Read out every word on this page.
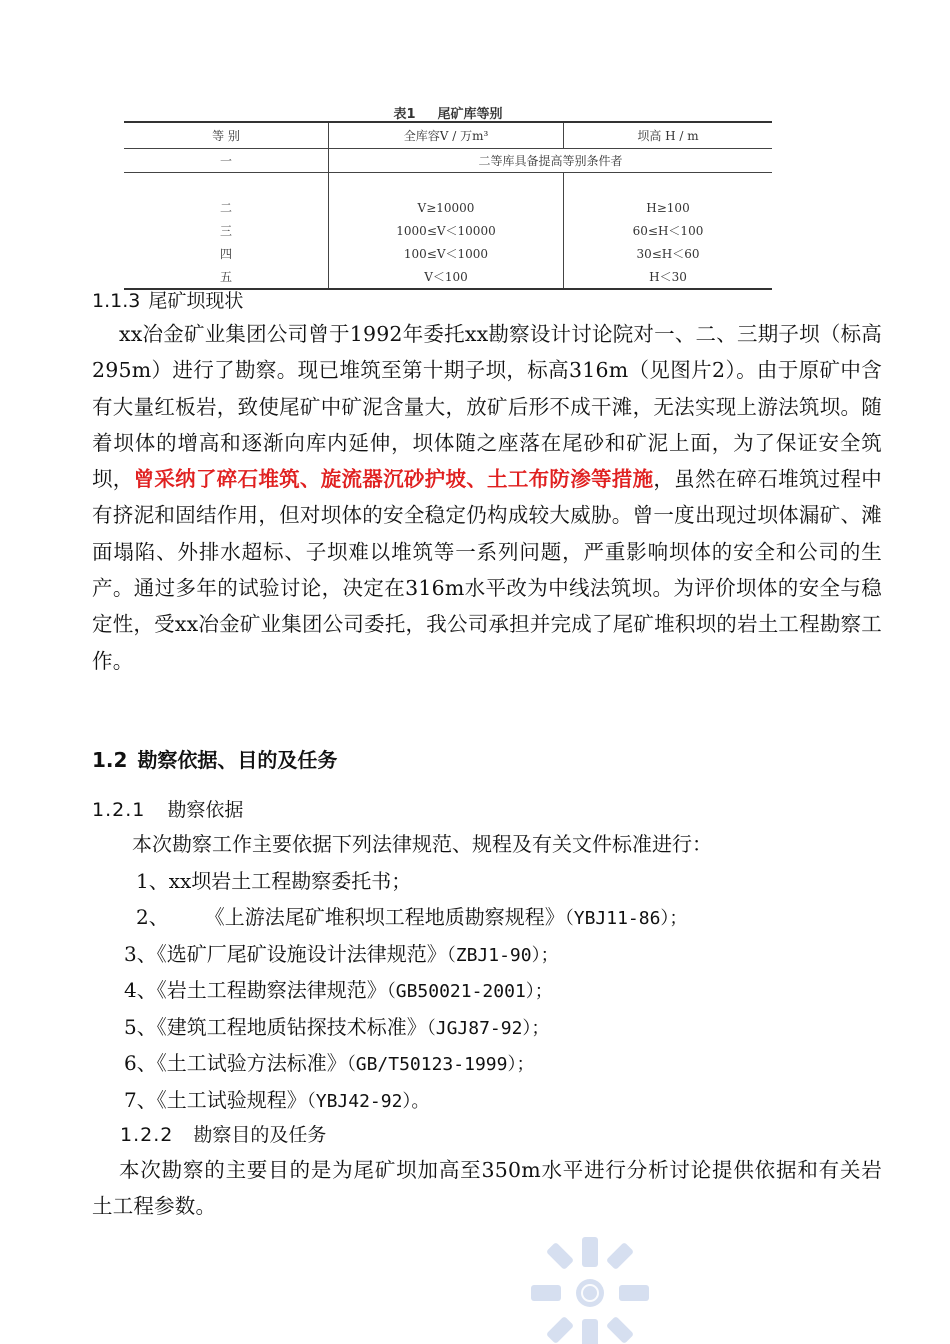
表1 尾矿库等别
等 别	全库容V / 万m³	坝高 H / m
一	二等库具备提高等别条件者	

二	V≥10000	H≥100
三	1000≤V＜10000	60≤H＜100
四	100≤V＜1000	30≤H＜60
五	V＜100	H＜30
1.1.3 尾矿坝现状
xx冶金矿业集团公司曾于1992年委托xx勘察设计讨论院对一、二、三期子坝（标高295m）进行了勘察。现已堆筑至第十期子坝，标高316m（见图片2）。由于原矿中含有大量红板岩，致使尾矿中矿泥含量大，放矿后形不成干滩，无法实现上游法筑坝。随着坝体的增高和逐渐向库内延伸，坝体随之座落在尾砂和矿泥上面，为了保证安全筑坝，曾采纳了碎石堆筑、旋流器沉砂护坡、土工布防渗等措施，虽然在碎石堆筑过程中有挤泥和固结作用，但对坝体的安全稳定仍构成较大威胁。曾一度出现过坝体漏矿、滩面塌陷、外排水超标、子坝难以堆筑等一系列问题，严重影响坝体的安全和公司的生产。通过多年的试验讨论，决定在316m水平改为中线法筑坝。为评价坝体的安全与稳定性，受xx冶金矿业集团公司委托，我公司承担并完成了尾矿堆积坝的岩土工程勘察工作。
1.2 勘察依据、目的及任务
1.2.1 勘察依据
本次勘察工作主要依据下列法律规范、规程及有关文件标准进行：
1、xx坝岩土工程勘察委托书；
2、 《上游法尾矿堆积坝工程地质勘察规程》（YBJ11-86）；
3、《选矿厂尾矿设施设计法律规范》（ZBJ1-90）；
4、《岩土工程勘察法律规范》（GB50021-2001）；
5、《建筑工程地质钻探技术标准》（JGJ87-92）；
6、《土工试验方法标准》（GB/T50123-1999）；
7、《土工试验规程》（YBJ42-92）。
1.2.2 勘察目的及任务
本次勘察的主要目的是为尾矿坝加高至350m水平进行分析讨论提供依据和有关岩土工程参数。
